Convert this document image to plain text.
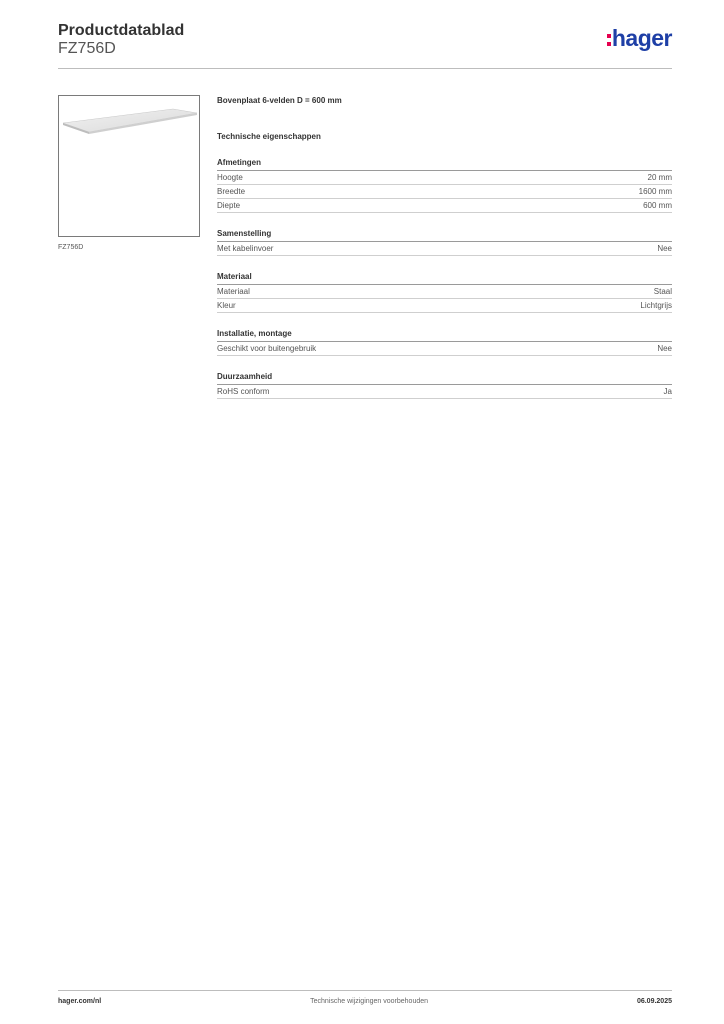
Productdatablad
FZ756D	hager
FZ756D
Bovenplaat 6-velden D = 600 mm
Technische eigenschappen
Afmetingen
Hoogte	20 mm
Breedte	1600 mm
Diepte	600 mm
Samenstelling
Met kabelinvoer	Nee
Materiaal
Materiaal	Staal
Kleur	Lichtgrijs
Installatie, montage
Geschikt voor buitengebruik	Nee
Duurzaamheid
RoHS conform	Ja
hager.com/nl	Technische wijzigingen voorbehouden	06.09.2025
